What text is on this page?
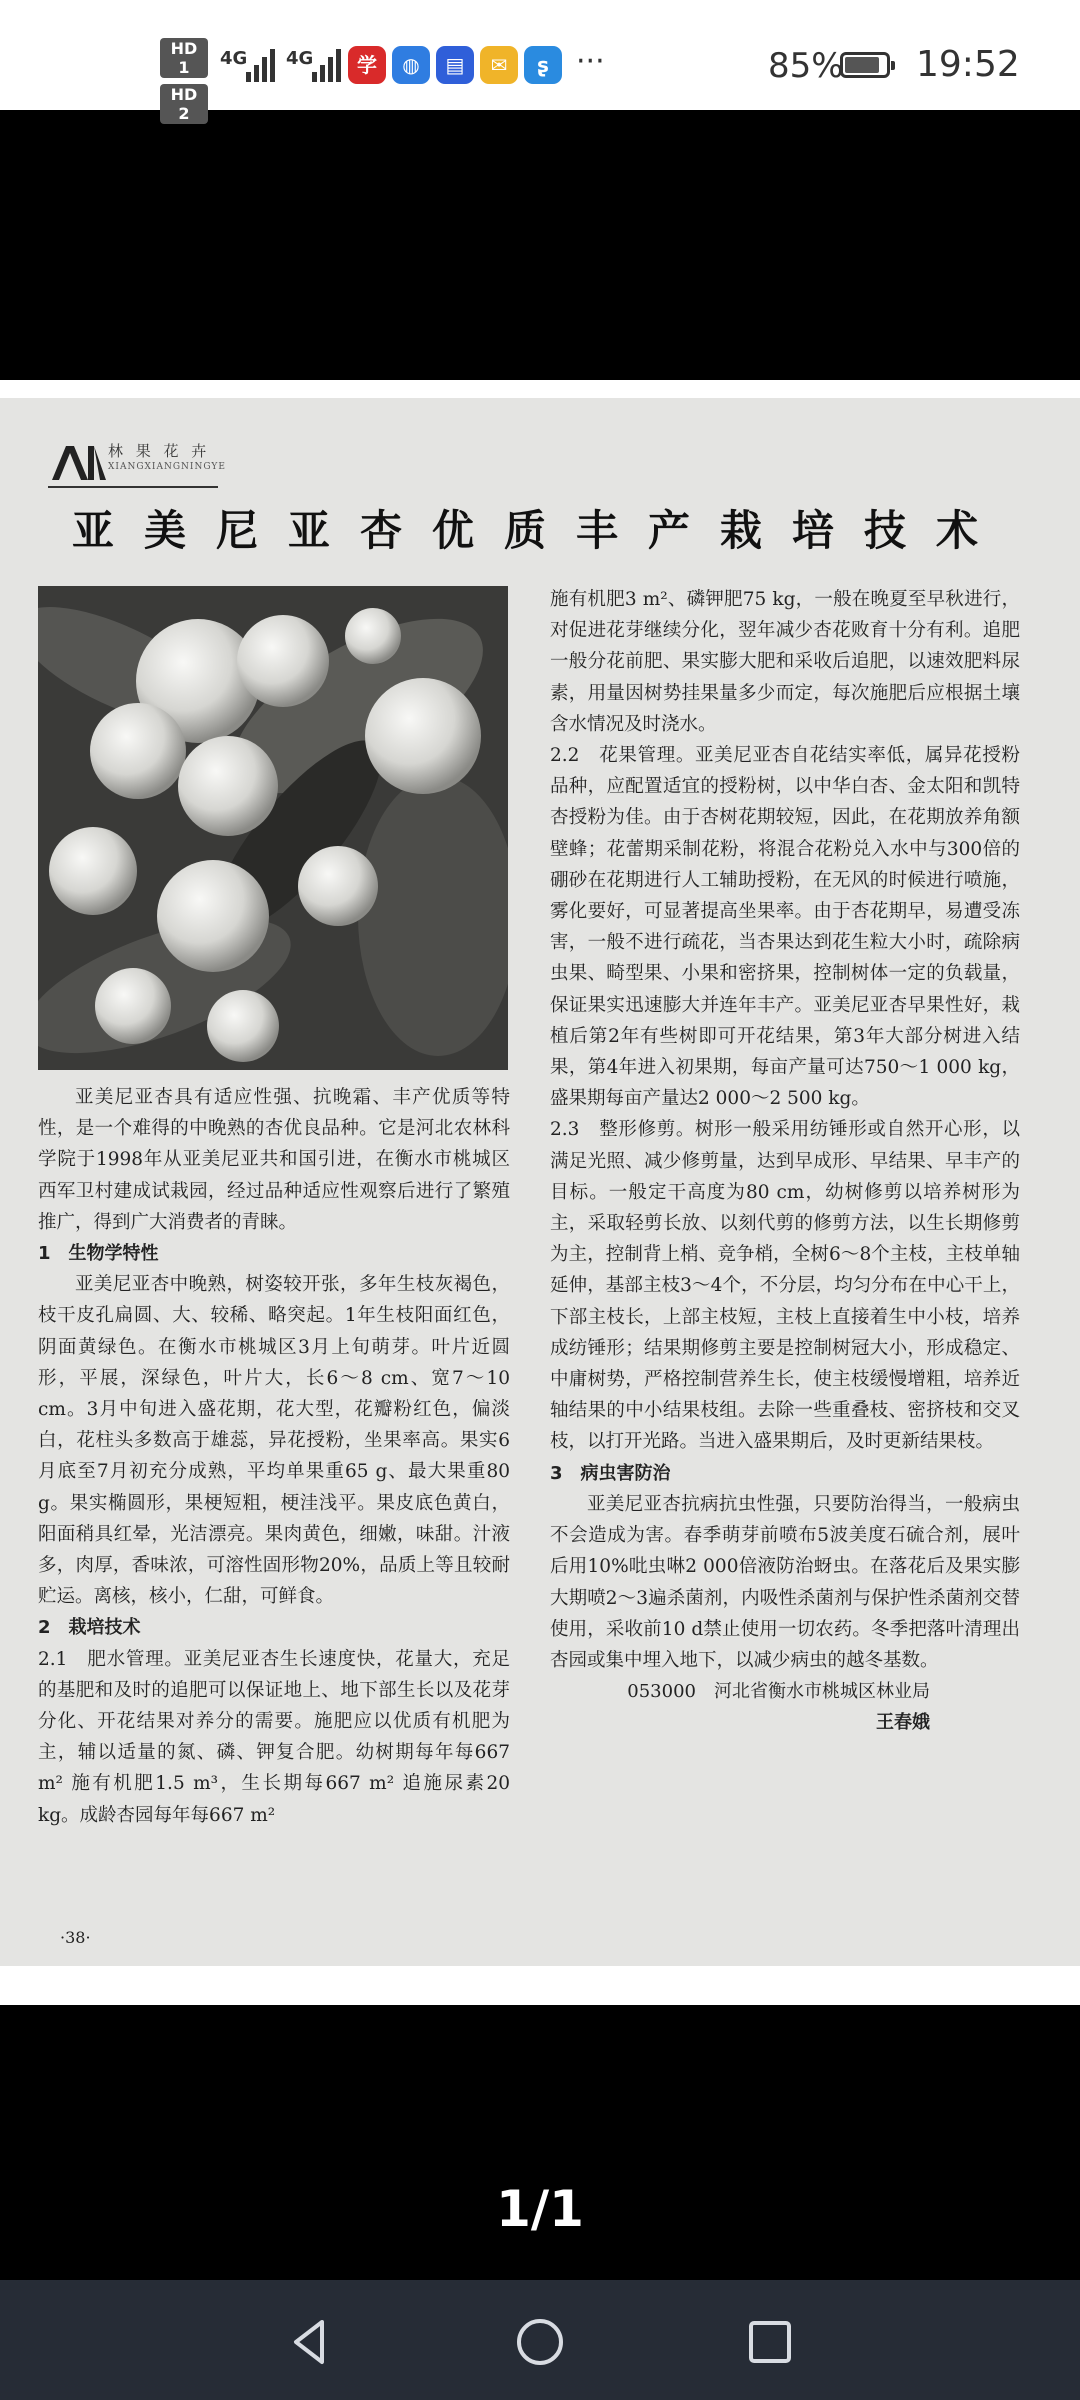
HD 1
HD 2
4G 4G	学	◍	▤	✉	ʂ ···	85% 19:52
林 果 花 卉
XIANGXIANGNINGYE
亚美尼亚杏优质丰产栽培技术

亚美尼亚杏具有适应性强、抗晚霜、丰产优质等特性，是一个难得的中晚熟的杏优良品种。它是河北农林科学院于1998年从亚美尼亚共和国引进，在衡水市桃城区西军卫村建成试栽园，经过品种适应性观察后进行了繁殖推广，得到广大消费者的青睐。

1　生物学特性

亚美尼亚杏中晚熟，树姿较开张，多年生枝灰褐色，枝干皮孔扁圆、大、较稀、略突起。1年生枝阳面红色，阴面黄绿色。在衡水市桃城区3月上旬萌芽。叶片近圆形，平展，深绿色，叶片大，长6～8 cm、宽7～10 cm。3月中旬进入盛花期，花大型，花瓣粉红色，偏淡白，花柱头多数高于雄蕊，异花授粉，坐果率高。果实6月底至7月初充分成熟，平均单果重65 g、最大果重80 g。果实椭圆形，果梗短粗，梗洼浅平。果皮底色黄白，阳面稍具红晕，光洁漂亮。果肉黄色，细嫩，味甜。汁液多，肉厚，香味浓，可溶性固形物20%，品质上等且较耐贮运。离核，核小，仁甜，可鲜食。

2　栽培技术

2.1　肥水管理。亚美尼亚杏生长速度快，花量大，充足的基肥和及时的追肥可以保证地上、地下部生长以及花芽分化、开花结果对养分的需要。施肥应以优质有机肥为主，辅以适量的氮、磷、钾复合肥。幼树期每年每667 m² 施有机肥1.5 m³，生长期每667 m² 追施尿素20 kg。成龄杏园每年每667 m²

施有机肥3 m²、磷钾肥75 kg，一般在晚夏至早秋进行，对促进花芽继续分化，翌年减少杏花败育十分有利。追肥一般分花前肥、果实膨大肥和采收后追肥，以速效肥料尿素，用量因树势挂果量多少而定，每次施肥后应根据土壤含水情况及时浇水。

2.2　花果管理。亚美尼亚杏自花结实率低，属异花授粉品种，应配置适宜的授粉树，以中华白杏、金太阳和凯特杏授粉为佳。由于杏树花期较短，因此，在花期放养角额壁蜂；花蕾期采制花粉，将混合花粉兑入水中与300倍的硼砂在花期进行人工辅助授粉，在无风的时候进行喷施，雾化要好，可显著提高坐果率。由于杏花期早，易遭受冻害，一般不进行疏花，当杏果达到花生粒大小时，疏除病虫果、畸型果、小果和密挤果，控制树体一定的负载量，保证果实迅速膨大并连年丰产。亚美尼亚杏早果性好，栽植后第2年有些树即可开花结果，第3年大部分树进入结果，第4年进入初果期，每亩产量可达750～1 000 kg，盛果期每亩产量达2 000～2 500 kg。

2.3　整形修剪。树形一般采用纺锤形或自然开心形，以满足光照、减少修剪量，达到早成形、早结果、早丰产的目标。一般定干高度为80 cm，幼树修剪以培养树形为主，采取轻剪长放、以刻代剪的修剪方法，以生长期修剪为主，控制背上梢、竞争梢，全树6～8个主枝，主枝单轴延伸，基部主枝3～4个，不分层，均匀分布在中心干上，下部主枝长，上部主枝短，主枝上直接着生中小枝，培养成纺锤形；结果期修剪主要是控制树冠大小，形成稳定、中庸树势，严格控制营养生长，使主枝缓慢增粗，培养近轴结果的中小结果枝组。去除一些重叠枝、密挤枝和交叉枝，以打开光路。当进入盛果期后，及时更新结果枝。

3　病虫害防治

亚美尼亚杏抗病抗虫性强，只要防治得当，一般病虫不会造成为害。春季萌芽前喷布5波美度石硫合剂，展叶后用10%吡虫啉2 000倍液防治蚜虫。在落花后及果实膨大期喷2～3遍杀菌剂，内吸性杀菌剂与保护性杀菌剂交替使用，采收前10 d禁止使用一切农药。冬季把落叶清理出杏园或集中埋入地下，以减少病虫的越冬基数。

053000　河北省衡水市桃城区林业局

王春娥

·38·
1/1
